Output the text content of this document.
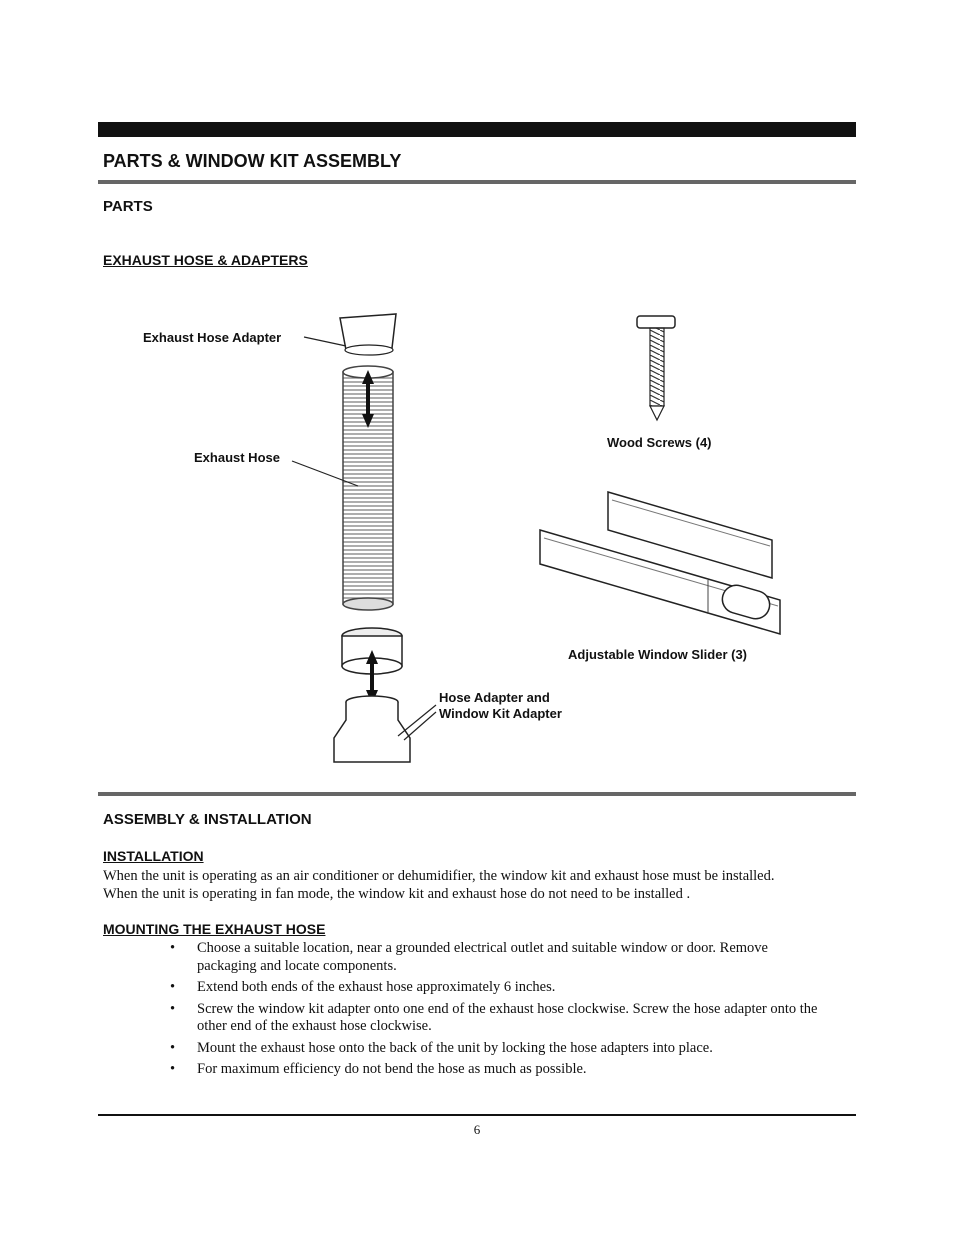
PARTS & WINDOW KIT ASSEMBLY
PARTS
EXHAUST HOSE & ADAPTERS
Exhaust Hose Adapter
Exhaust Hose
Wood Screws (4)
Adjustable Window Slider (3)
Hose Adapter and
Window Kit Adapter
ASSEMBLY & INSTALLATION
INSTALLATION
When the unit is operating as an air conditioner or dehumidifier, the window kit and exhaust hose must be installed.
When the unit is operating in fan mode, the window kit and exhaust hose do not need to be installed .
MOUNTING THE EXHAUST HOSE
• Choose a suitable location, near a grounded electrical outlet and suitable window or door. Remove packaging and locate components.
• Extend both ends of the exhaust hose approximately 6 inches.
• Screw the window kit adapter onto one end of the exhaust hose clockwise. Screw the hose adapter onto the other end of the exhaust hose clockwise.
• Mount the exhaust hose onto the back of the unit by locking the hose adapters into place.
• For maximum efficiency do not bend the hose as much as possible.
6
